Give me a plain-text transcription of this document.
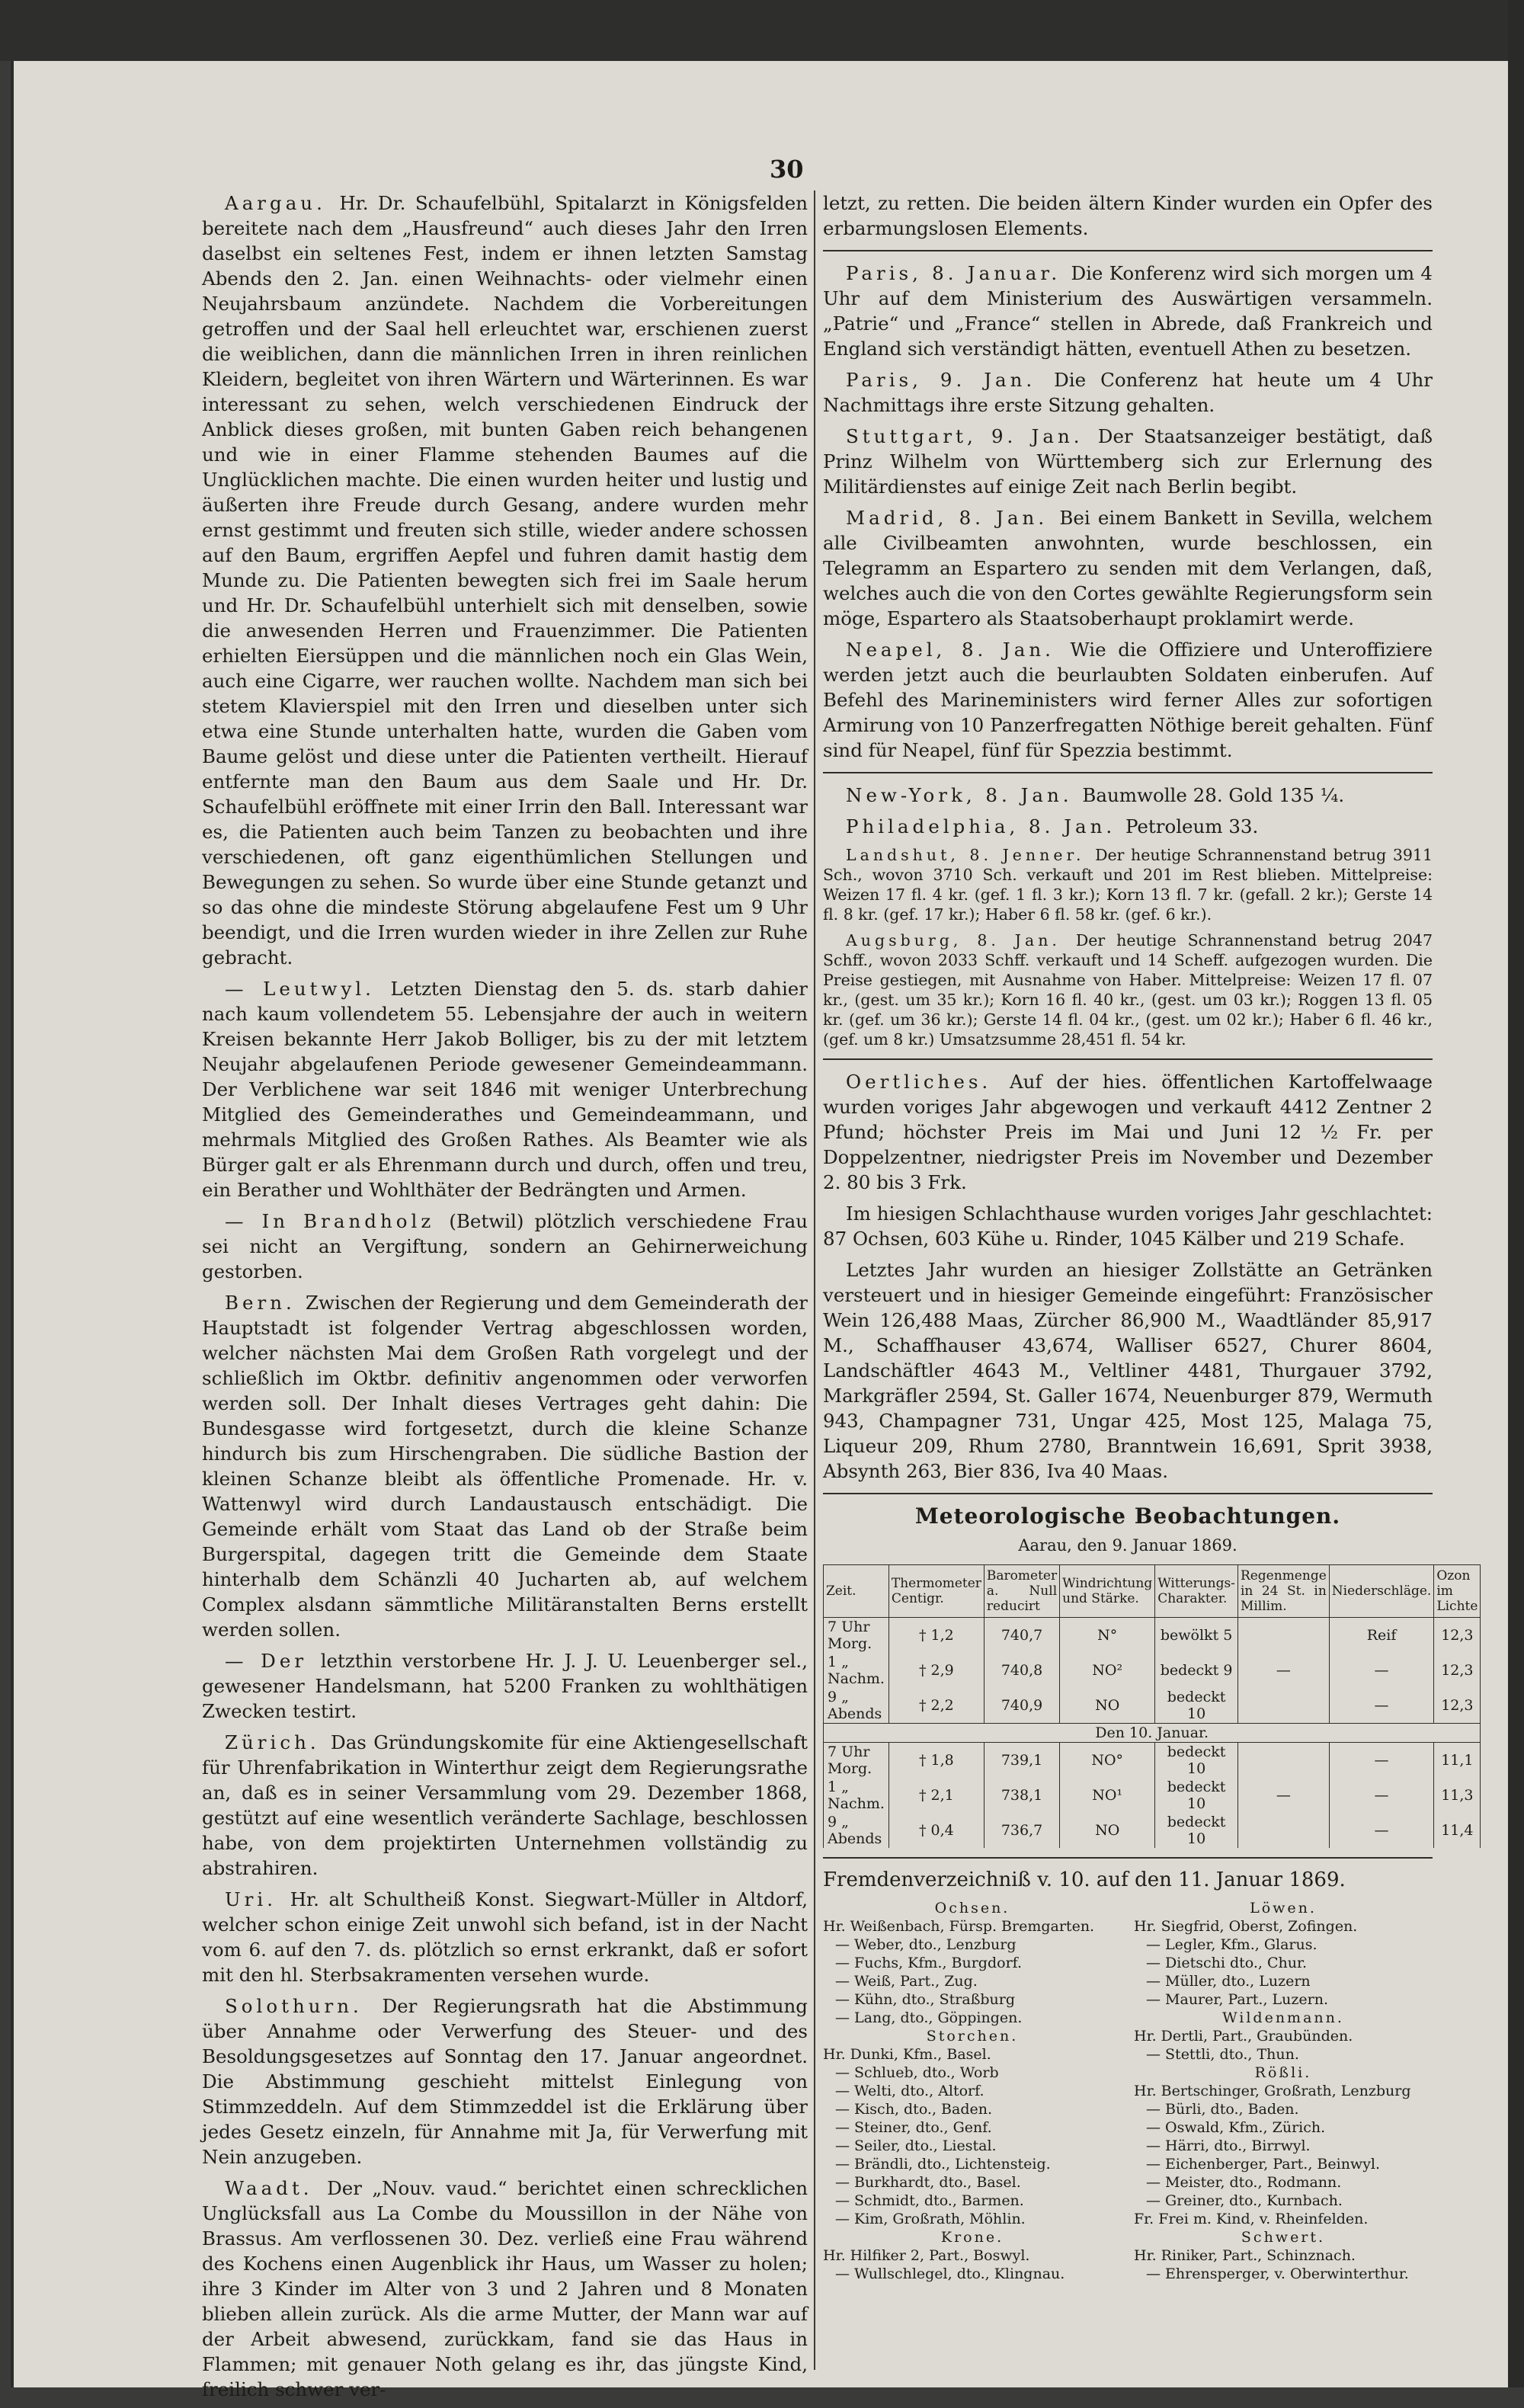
30

Aargau. Hr. Dr. Schaufelbühl, Spitalarzt in Königsfelden bereitete nach dem „Hausfreund“ auch dieses Jahr den Irren daselbst ein seltenes Fest, indem er ihnen letzten Samstag Abends den 2. Jan. einen Weihnachts- oder vielmehr einen Neujahrsbaum anzündete. Nachdem die Vorbereitungen getroffen und der Saal hell erleuchtet war, erschienen zuerst die weiblichen, dann die männlichen Irren in ihren reinlichen Kleidern, begleitet von ihren Wärtern und Wärterinnen. Es war interessant zu sehen, welch verschiedenen Eindruck der Anblick dieses großen, mit bunten Gaben reich behangenen und wie in einer Flamme stehenden Baumes auf die Unglücklichen machte. Die einen wurden heiter und lustig und äußerten ihre Freude durch Gesang, andere wurden mehr ernst gestimmt und freuten sich stille, wieder andere schossen auf den Baum, ergriffen Aepfel und fuhren damit hastig dem Munde zu. Die Patienten bewegten sich frei im Saale herum und Hr. Dr. Schaufelbühl unterhielt sich mit denselben, sowie die anwesenden Herren und Frauenzimmer. Die Patienten erhielten Eiersüppen und die männlichen noch ein Glas Wein, auch eine Cigarre, wer rauchen wollte. Nachdem man sich bei stetem Klavierspiel mit den Irren und dieselben unter sich etwa eine Stunde unterhalten hatte, wurden die Gaben vom Baume gelöst und diese unter die Patienten vertheilt. Hierauf entfernte man den Baum aus dem Saale und Hr. Dr. Schaufelbühl eröffnete mit einer Irrin den Ball. Interessant war es, die Patienten auch beim Tanzen zu beobachten und ihre verschiedenen, oft ganz eigenthümlichen Stellungen und Bewegungen zu sehen. So wurde über eine Stunde getanzt und so das ohne die mindeste Störung abgelaufene Fest um 9 Uhr beendigt, und die Irren wurden wieder in ihre Zellen zur Ruhe gebracht.

— Leutwyl. Letzten Dienstag den 5. ds. starb dahier nach kaum vollendetem 55. Lebensjahre der auch in weitern Kreisen bekannte Herr Jakob Bolliger, bis zu der mit letztem Neujahr abgelaufenen Periode gewesener Gemeindeammann. Der Verblichene war seit 1846 mit weniger Unterbrechung Mitglied des Gemeinderathes und Gemeindeammann, und mehrmals Mitglied des Großen Rathes. Als Beamter wie als Bürger galt er als Ehrenmann durch und durch, offen und treu, ein Berather und Wohlthäter der Bedrängten und Armen.

— In Brandholz (Betwil) plötzlich verschiedene Frau sei nicht an Vergiftung, sondern an Gehirnerweichung gestorben.

Bern. Zwischen der Regierung und dem Gemeinderath der Hauptstadt ist folgender Vertrag abgeschlossen worden, welcher nächsten Mai dem Großen Rath vorgelegt und der schließlich im Oktbr. definitiv angenommen oder verworfen werden soll. Der Inhalt dieses Vertrages geht dahin: Die Bundesgasse wird fortgesetzt, durch die kleine Schanze hindurch bis zum Hirschengraben. Die südliche Bastion der kleinen Schanze bleibt als öffentliche Promenade. Hr. v. Wattenwyl wird durch Landaustausch entschädigt. Die Gemeinde erhält vom Staat das Land ob der Straße beim Burgerspital, dagegen tritt die Gemeinde dem Staate hinterhalb dem Schänzli 40 Jucharten ab, auf welchem Complex alsdann sämmtliche Militäranstalten Berns erstellt werden sollen.

— Der letzthin verstorbene Hr. J. J. U. Leuenberger sel., gewesener Handelsmann, hat 5200 Franken zu wohlthätigen Zwecken testirt.

Zürich. Das Gründungskomite für eine Aktiengesellschaft für Uhrenfabrikation in Winterthur zeigt dem Regierungsrathe an, daß es in seiner Versammlung vom 29. Dezember 1868, gestützt auf eine wesentlich veränderte Sachlage, beschlossen habe, von dem projektirten Unternehmen vollständig zu abstrahiren.

Uri. Hr. alt Schultheiß Konst. Siegwart-Müller in Altdorf, welcher schon einige Zeit unwohl sich befand, ist in der Nacht vom 6. auf den 7. ds. plötzlich so ernst erkrankt, daß er sofort mit den hl. Sterbsakramenten versehen wurde.

Solothurn. Der Regierungsrath hat die Abstimmung über Annahme oder Verwerfung des Steuer- und des Besoldungsgesetzes auf Sonntag den 17. Januar angeordnet. Die Abstimmung geschieht mittelst Einlegung von Stimmzeddeln. Auf dem Stimmzeddel ist die Erklärung über jedes Gesetz einzeln, für Annahme mit Ja, für Verwerfung mit Nein anzugeben.

Waadt. Der „Nouv. vaud.“ berichtet einen schrecklichen Unglücksfall aus La Combe du Moussillon in der Nähe von Brassus. Am verflossenen 30. Dez. verließ eine Frau während des Kochens einen Augenblick ihr Haus, um Wasser zu holen; ihre 3 Kinder im Alter von 3 und 2 Jahren und 8 Monaten blieben allein zurück. Als die arme Mutter, der Mann war auf der Arbeit abwesend, zurückkam, fand sie das Haus in Flammen; mit genauer Noth gelang es ihr, das jüngste Kind, freilich schwer ver-

letzt, zu retten. Die beiden ältern Kinder wurden ein Opfer des erbarmungslosen Elements.

Paris, 8. Januar. Die Konferenz wird sich morgen um 4 Uhr auf dem Ministerium des Auswärtigen versammeln. „Patrie“ und „France“ stellen in Abrede, daß Frankreich und England sich verständigt hätten, eventuell Athen zu besetzen.

Paris, 9. Jan. Die Conferenz hat heute um 4 Uhr Nachmittags ihre erste Sitzung gehalten.

Stuttgart, 9. Jan. Der Staatsanzeiger bestätigt, daß Prinz Wilhelm von Württemberg sich zur Erlernung des Militärdienstes auf einige Zeit nach Berlin begibt.

Madrid, 8. Jan. Bei einem Bankett in Sevilla, welchem alle Civilbeamten anwohnten, wurde beschlossen, ein Telegramm an Espartero zu senden mit dem Verlangen, daß, welches auch die von den Cortes gewählte Regierungsform sein möge, Espartero als Staatsoberhaupt proklamirt werde.

Neapel, 8. Jan. Wie die Offiziere und Unteroffiziere werden jetzt auch die beurlaubten Soldaten einberufen. Auf Befehl des Marineministers wird ferner Alles zur sofortigen Armirung von 10 Panzerfregatten Nöthige bereit gehalten. Fünf sind für Neapel, fünf für Spezzia bestimmt.

New-York, 8. Jan. Baumwolle 28. Gold 135 ¼.

Philadelphia, 8. Jan. Petroleum 33.

Landshut, 8. Jenner. Der heutige Schrannenstand betrug 3911 Sch., wovon 3710 Sch. verkauft und 201 im Rest blieben. Mittelpreise: Weizen 17 fl. 4 kr. (gef. 1 fl. 3 kr.); Korn 13 fl. 7 kr. (gefall. 2 kr.); Gerste 14 fl. 8 kr. (gef. 17 kr.); Haber 6 fl. 58 kr. (gef. 6 kr.).

Augsburg, 8. Jan. Der heutige Schrannenstand betrug 2047 Schff., wovon 2033 Schff. verkauft und 14 Scheff. aufgezogen wurden. Die Preise gestiegen, mit Ausnahme von Haber. Mittelpreise: Weizen 17 fl. 07 kr., (gest. um 35 kr.); Korn 16 fl. 40 kr., (gest. um 03 kr.); Roggen 13 fl. 05 kr. (gef. um 36 kr.); Gerste 14 fl. 04 kr., (gest. um 02 kr.); Haber 6 fl. 46 kr., (gef. um 8 kr.) Umsatzsumme 28,451 fl. 54 kr.

Oertliches. Auf der hies. öffentlichen Kartoffelwaage wurden voriges Jahr abgewogen und verkauft 4412 Zentner 2 Pfund; höchster Preis im Mai und Juni 12 ½ Fr. per Doppelzentner, niedrigster Preis im November und Dezember 2. 80 bis 3 Frk.

Im hiesigen Schlachthause wurden voriges Jahr geschlachtet: 87 Ochsen, 603 Kühe u. Rinder, 1045 Kälber und 219 Schafe.

Letztes Jahr wurden an hiesiger Zollstätte an Getränken versteuert und in hiesiger Gemeinde eingeführt: Französischer Wein 126,488 Maas, Zürcher 86,900 M., Waadtländer 85,917 M., Schaffhauser 43,674, Walliser 6527, Churer 8604, Landschäftler 4643 M., Veltliner 4481, Thurgauer 3792, Markgräfler 2594, St. Galler 1674, Neuenburger 879, Wermuth 943, Champagner 731, Ungar 425, Most 125, Malaga 75, Liqueur 209, Rhum 2780, Branntwein 16,691, Sprit 3938, Absynth 263, Bier 836, Iva 40 Maas.

Meteorologische Beobachtungen.
Aarau, den 9. Januar 1869.
Zeit.	Thermometer Centigr.	Barometer a. Null reducirt	Windrichtung und Stärke.	Witterungs-Charakter.	Regenmenge in 24 St. in Millim.	Niederschläge.	Ozon im Lichte
7 Uhr Morg.	† 1,2	740,7	N°	bewölkt 5		Reif	12,3
1 „ Nachm.	† 2,9	740,8	NO²	bedeckt 9	—	—	12,3
9 „ Abends	† 2,2	740,9	NO	bedeckt 10		—	12,3
Den 10. Januar.							
7 Uhr Morg.	† 1,8	739,1	NO°	bedeckt 10		—	11,1
1 „ Nachm.	† 2,1	738,1	NO¹	bedeckt 10	—	—	11,3
9 „ Abends	† 0,4	736,7	NO	bedeckt 10		—	11,4
Fremdenverzeichniß v. 10. auf den 11. Januar 1869.
Ochsen.
Hr. Weißenbach, Fürsp. Bremgarten.
— Weber, dto., Lenzburg
— Fuchs, Kfm., Burgdorf.
— Weiß, Part., Zug.
— Kühn, dto., Straßburg
— Lang, dto., Göppingen.
Storchen.
Hr. Dunki, Kfm., Basel.
— Schlueb, dto., Worb
— Welti, dto., Altorf.
— Kisch, dto., Baden.
— Steiner, dto., Genf.
— Seiler, dto., Liestal.
— Brändli, dto., Lichtensteig.
— Burkhardt, dto., Basel.
— Schmidt, dto., Barmen.
— Kim, Großrath, Möhlin.
Krone.
Hr. Hilfiker 2, Part., Boswyl.
— Wullschlegel, dto., Klingnau.
Löwen.
Hr. Siegfrid, Oberst, Zofingen.
— Legler, Kfm., Glarus.
— Dietschi dto., Chur.
— Müller, dto., Luzern
— Maurer, Part., Luzern.
Wildenmann.
Hr. Dertli, Part., Graubünden.
— Stettli, dto., Thun.
Rößli.
Hr. Bertschinger, Großrath, Lenzburg
— Bürli, dto., Baden.
— Oswald, Kfm., Zürich.
— Härri, dto., Birrwyl.
— Eichenberger, Part., Beinwyl.
— Meister, dto., Rodmann.
— Greiner, dto., Kurnbach.
Fr. Frei m. Kind, v. Rheinfelden.
Schwert.
Hr. Riniker, Part., Schinznach.
— Ehrensperger, v. Oberwinterthur.
